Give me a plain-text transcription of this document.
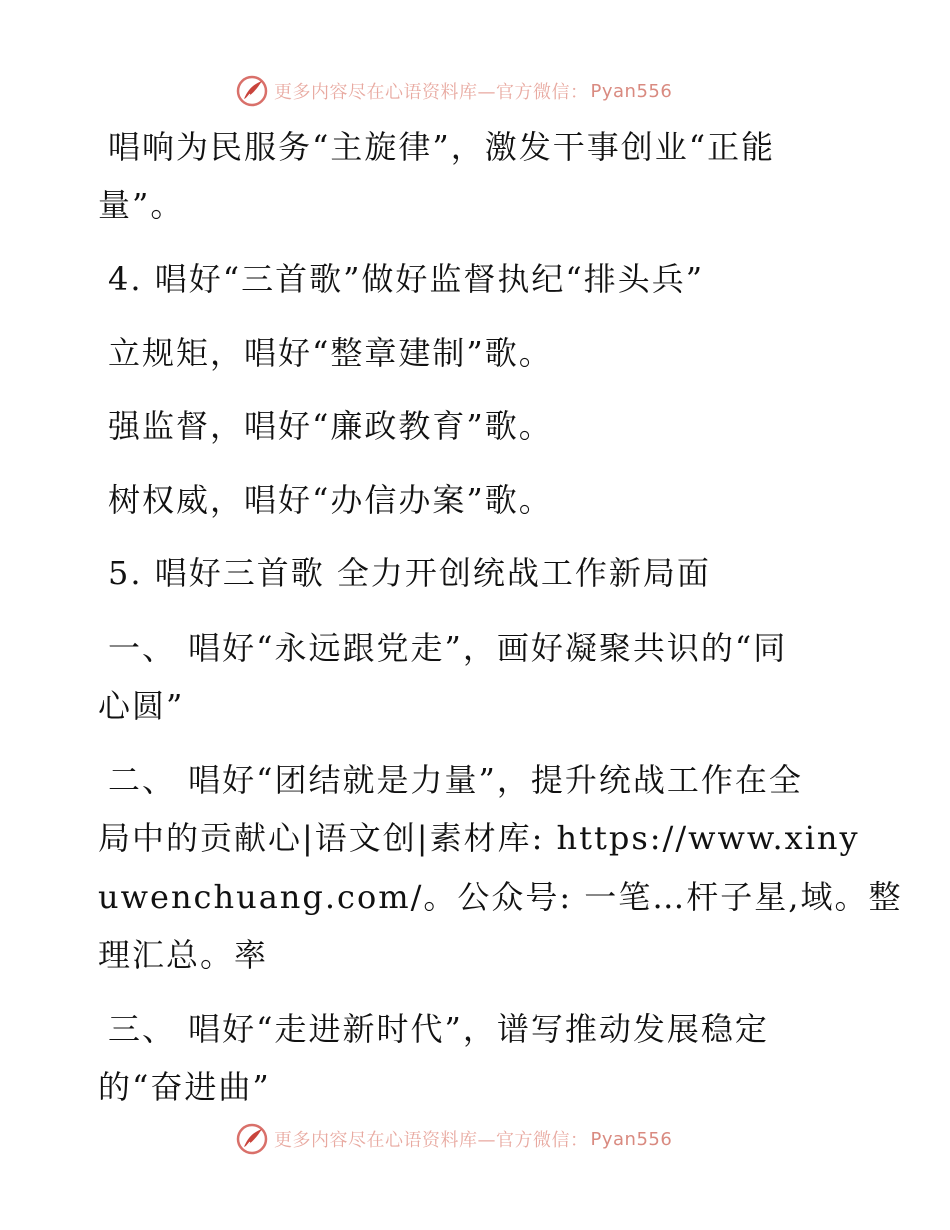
更多内容尽在心语资料库—官方微信： Pyan556
唱响为民服务“主旋律”，激发干事创业“正能
量”。
4. 唱好“三首歌”做好监督执纪“排头兵”
立规矩，唱好“整章建制”歌。
强监督，唱好“廉政教育”歌。
树权威，唱好“办信办案”歌。
5. 唱好三首歌 全力开创统战工作新局面
一、 唱好“永远跟党走”，画好凝聚共识的“同
心圆”
二、 唱好“团结就是力量”，提升统战工作在全
局中的贡献心|语文创|素材库: https://www.xiny
uwenchuang.com/。公众号: 一笔…杆子星,域。整
理汇总。率
三、 唱好“走进新时代”，谱写推动发展稳定
的“奋进曲”
更多内容尽在心语资料库—官方微信： Pyan556
